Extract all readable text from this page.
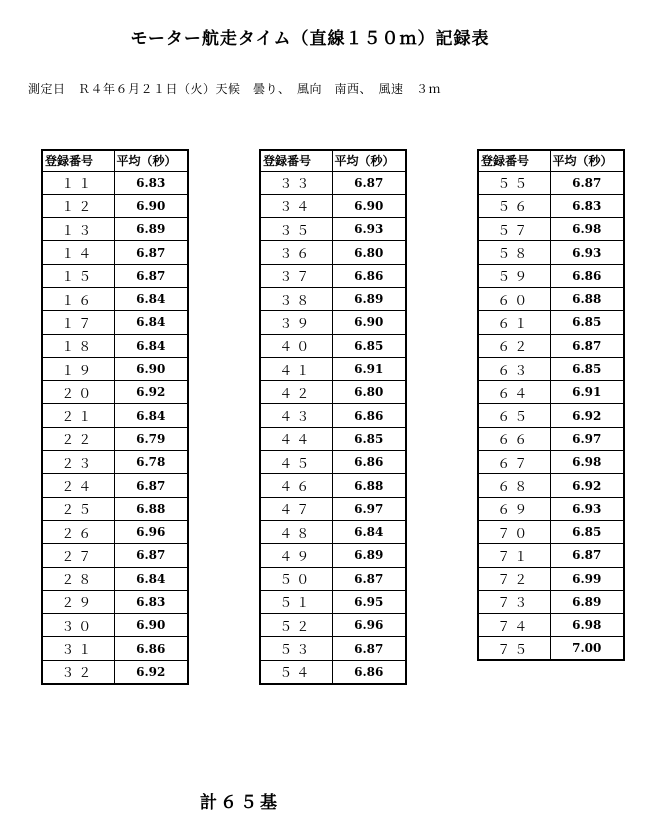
モーター航走タイム（直線１５０ｍ）記録表
測定日　Ｒ４年６月２１日（火）天候　曇り、　風向　南西、　風速　３ｍ
登録番号	平均（秒）
１１	6.83
１２	6.90
１３	6.89
１４	6.87
１５	6.87
１６	6.84
１７	6.84
１８	6.84
１９	6.90
２０	6.92
２１	6.84
２２	6.79
２３	6.78
２４	6.87
２５	6.88
２６	6.96
２７	6.87
２８	6.84
２９	6.83
３０	6.90
３１	6.86
３２	6.92
登録番号	平均（秒）
３３	6.87
３４	6.90
３５	6.93
３６	6.80
３７	6.86
３８	6.89
３９	6.90
４０	6.85
４１	6.91
４２	6.80
４３	6.86
４４	6.85
４５	6.86
４６	6.88
４７	6.97
４８	6.84
４９	6.89
５０	6.87
５１	6.95
５２	6.96
５３	6.87
５４	6.86
登録番号	平均（秒）
５５	6.87
５６	6.83
５７	6.98
５８	6.93
５９	6.86
６０	6.88
６１	6.85
６２	6.87
６３	6.85
６４	6.91
６５	6.92
６６	6.97
６７	6.98
６８	6.92
６９	6.93
７０	6.85
７１	6.87
７２	6.99
７３	6.89
７４	6.98
７５	7.00
計６５基
